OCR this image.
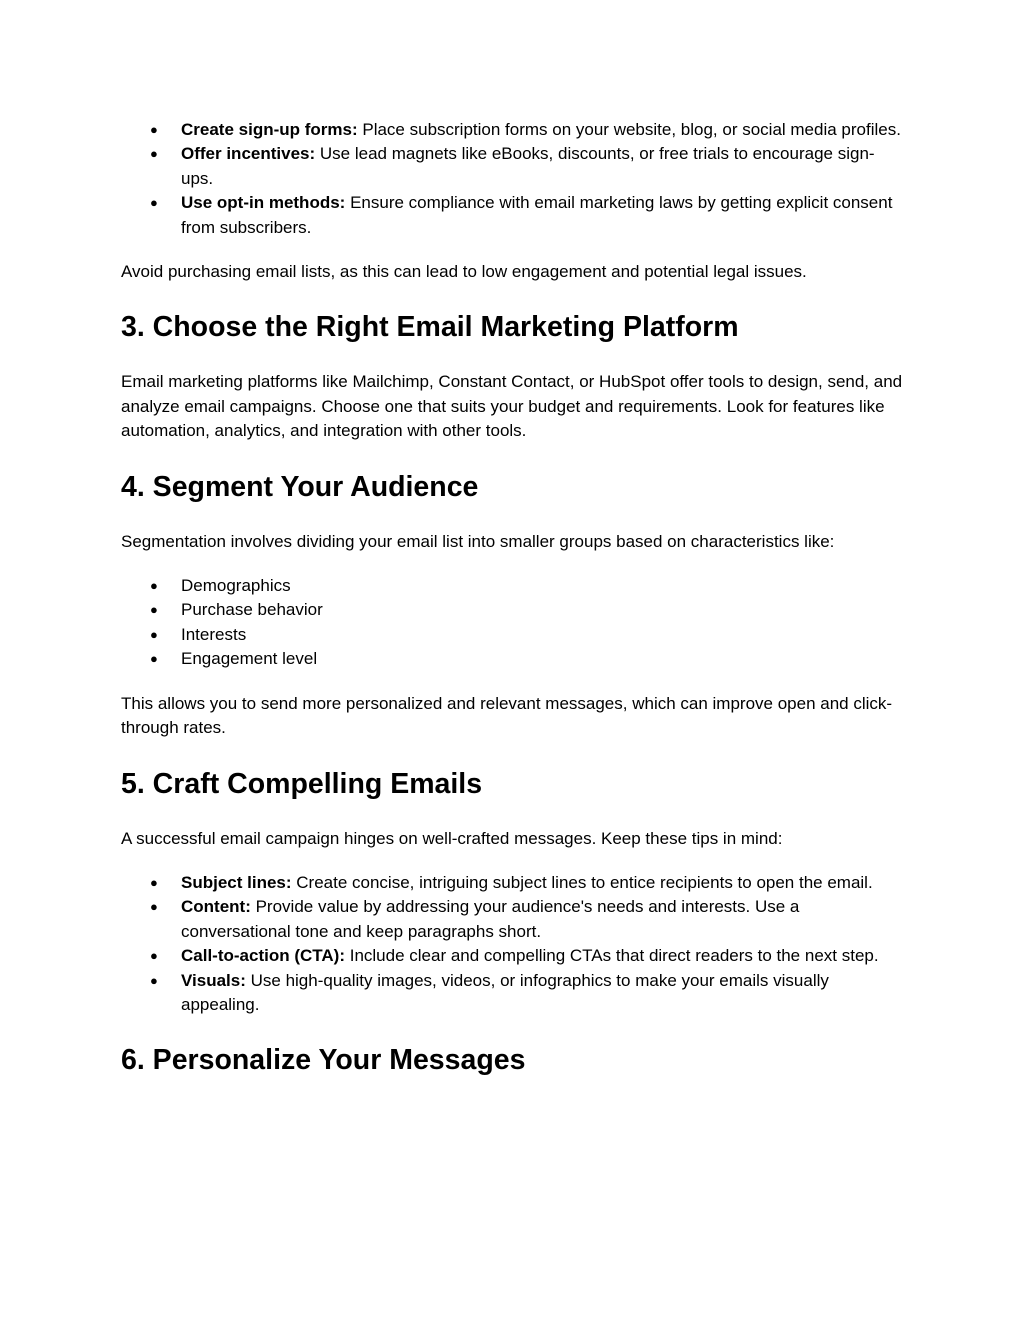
● Create sign-up forms: Place subscription forms on your website, blog, or social media profiles.
● Offer incentives: Use lead magnets like eBooks, discounts, or free trials to encourage sign-ups.
● Use opt-in methods: Ensure compliance with email marketing laws by getting explicit consent from subscribers.

Avoid purchasing email lists, as this can lead to low engagement and potential legal issues.

3. Choose the Right Email Marketing Platform

Email marketing platforms like Mailchimp, Constant Contact, or HubSpot offer tools to design, send, and analyze email campaigns. Choose one that suits your budget and requirements. Look for features like automation, analytics, and integration with other tools.

4. Segment Your Audience

Segmentation involves dividing your email list into smaller groups based on characteristics like:

● Demographics
● Purchase behavior
● Interests
● Engagement level

This allows you to send more personalized and relevant messages, which can improve open and click-through rates.

5. Craft Compelling Emails

A successful email campaign hinges on well-crafted messages. Keep these tips in mind:

● Subject lines: Create concise, intriguing subject lines to entice recipients to open the email.
● Content: Provide value by addressing your audience's needs and interests. Use a conversational tone and keep paragraphs short.
● Call-to-action (CTA): Include clear and compelling CTAs that direct readers to the next step.
● Visuals: Use high-quality images, videos, or infographics to make your emails visually appealing.
6. Personalize Your Messages
